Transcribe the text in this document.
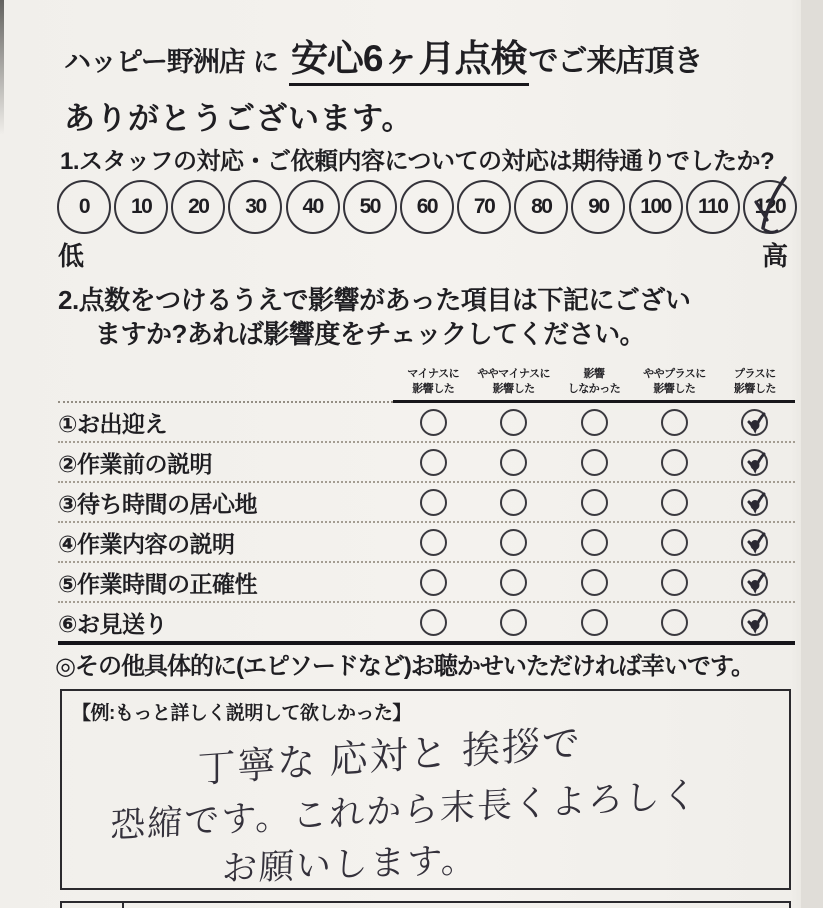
ハッピー野洲店 に 安心6ヶ月点検 でご来店頂き
ありがとうございます。
1.スタッフの対応・ご依頼内容についての対応は期待通りでしたか?
0 10 20 30 40 50 60 70 80 90 100 110 120
低	高
2.点数をつけるうえで影響があった項目は下記にござい
ますか?あれば影響度をチェックしてください。
マイナスに
影響した
ややマイナスに
影響した
影響
しなかった
ややプラスに
影響した
プラスに
影響した
①お出迎え
②作業前の説明
③待ち時間の居心地
④作業内容の説明
⑤作業時間の正確性
⑥お見送り
◎その他具体的に(エピソードなど)お聴かせいただければ幸いです。
【例:もっと詳しく説明して欲しかった】
丁寧な 応対と 挨拶で
恐縮です。これから末長くよろしく
お願いします。
